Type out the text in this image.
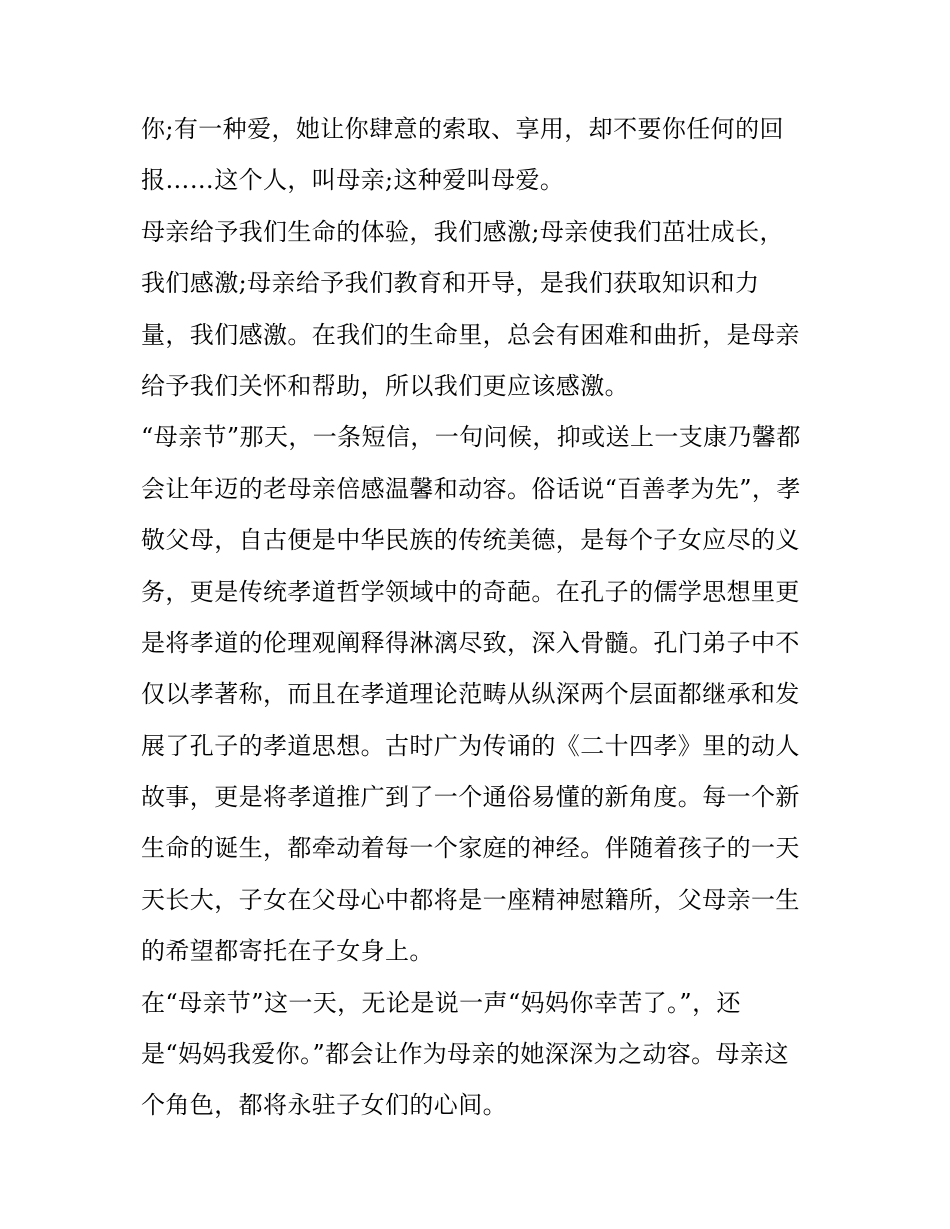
你;有一种爱，她让你肆意的索取、享用，却不要你任何的回
报……这个人，叫母亲;这种爱叫母爱。
母亲给予我们生命的体验，我们感激;母亲使我们茁壮成长，
我们感激;母亲给予我们教育和开导，是我们获取知识和力
量，我们感激。在我们的生命里，总会有困难和曲折，是母亲
给予我们关怀和帮助，所以我们更应该感激。
“母亲节”那天，一条短信，一句问候，抑或送上一支康乃馨都
会让年迈的老母亲倍感温馨和动容。俗话说“百善孝为先”，孝
敬父母，自古便是中华民族的传统美德，是每个子女应尽的义
务，更是传统孝道哲学领域中的奇葩。在孔子的儒学思想里更
是将孝道的伦理观阐释得淋漓尽致，深入骨髓。孔门弟子中不
仅以孝著称，而且在孝道理论范畴从纵深两个层面都继承和发
展了孔子的孝道思想。古时广为传诵的《二十四孝》里的动人
故事，更是将孝道推广到了一个通俗易懂的新角度。每一个新
生命的诞生，都牵动着每一个家庭的神经。伴随着孩子的一天
天长大，子女在父母心中都将是一座精神慰籍所，父母亲一生
的希望都寄托在子女身上。
在“母亲节”这一天，无论是说一声“妈妈你幸苦了。”，还
是“妈妈我爱你。”都会让作为母亲的她深深为之动容。母亲这
个角色，都将永驻子女们的心间。
